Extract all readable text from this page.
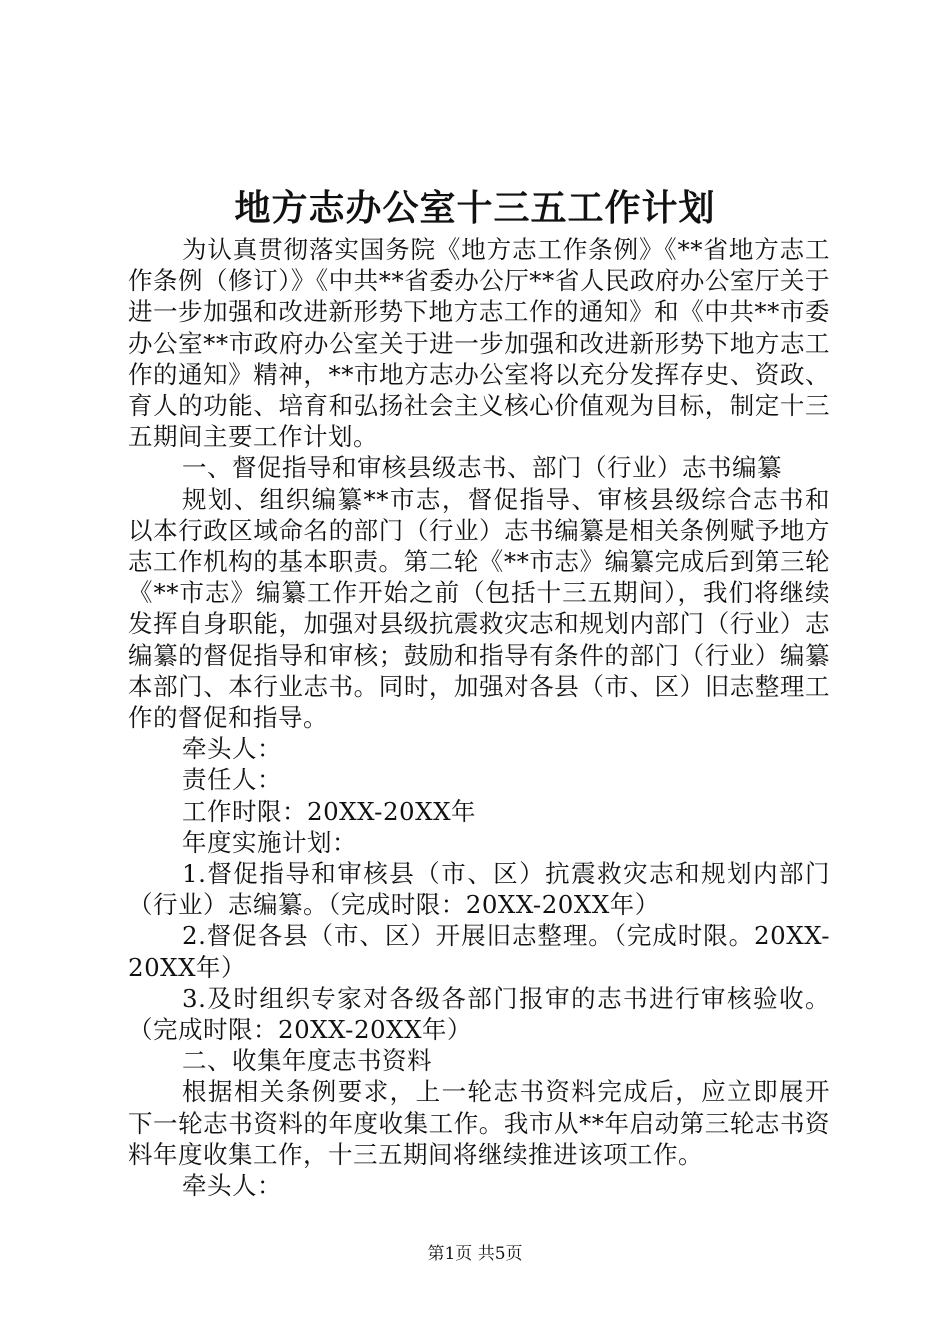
地方志办公室十三五工作计划

为认真贯彻落实国务院《地方志工作条例》《**省地方志工作条例（修订）》《中共**省委办公厅**省人民政府办公室厅关于进一步加强和改进新形势下地方志工作的通知》和《中共**市委办公室**市政府办公室关于进一步加强和改进新形势下地方志工作的通知》精神，**市地方志办公室将以充分发挥存史、资政、育人的功能、培育和弘扬社会主义核心价值观为目标，制定十三五期间主要工作计划。

一、督促指导和审核县级志书、部门（行业）志书编纂

规划、组织编纂**市志，督促指导、审核县级综合志书和以本行政区域命名的部门（行业）志书编纂是相关条例赋予地方志工作机构的基本职责。第二轮《**市志》编纂完成后到第三轮《**市志》编纂工作开始之前（包括十三五期间），我们将继续发挥自身职能，加强对县级抗震救灾志和规划内部门（行业）志编纂的督促指导和审核；鼓励和指导有条件的部门（行业）编纂本部门、本行业志书。同时，加强对各县（市、区）旧志整理工作的督促和指导。

牵头人：

责任人：

工作时限：20XX-20XX年

年度实施计划：

1.督促指导和审核县（市、区）抗震救灾志和规划内部门（行业）志编纂。（完成时限：20XX-20XX年）

2.督促各县（市、区）开展旧志整理。（完成时限。20XX-20XX年）

3.及时组织专家对各级各部门报审的志书进行审核验收。（完成时限：20XX-20XX年）

二、收集年度志书资料

根据相关条例要求，上一轮志书资料完成后，应立即展开下一轮志书资料的年度收集工作。我市从**年启动第三轮志书资料年度收集工作，十三五期间将继续推进该项工作。

牵头人：

第1页 共5页
